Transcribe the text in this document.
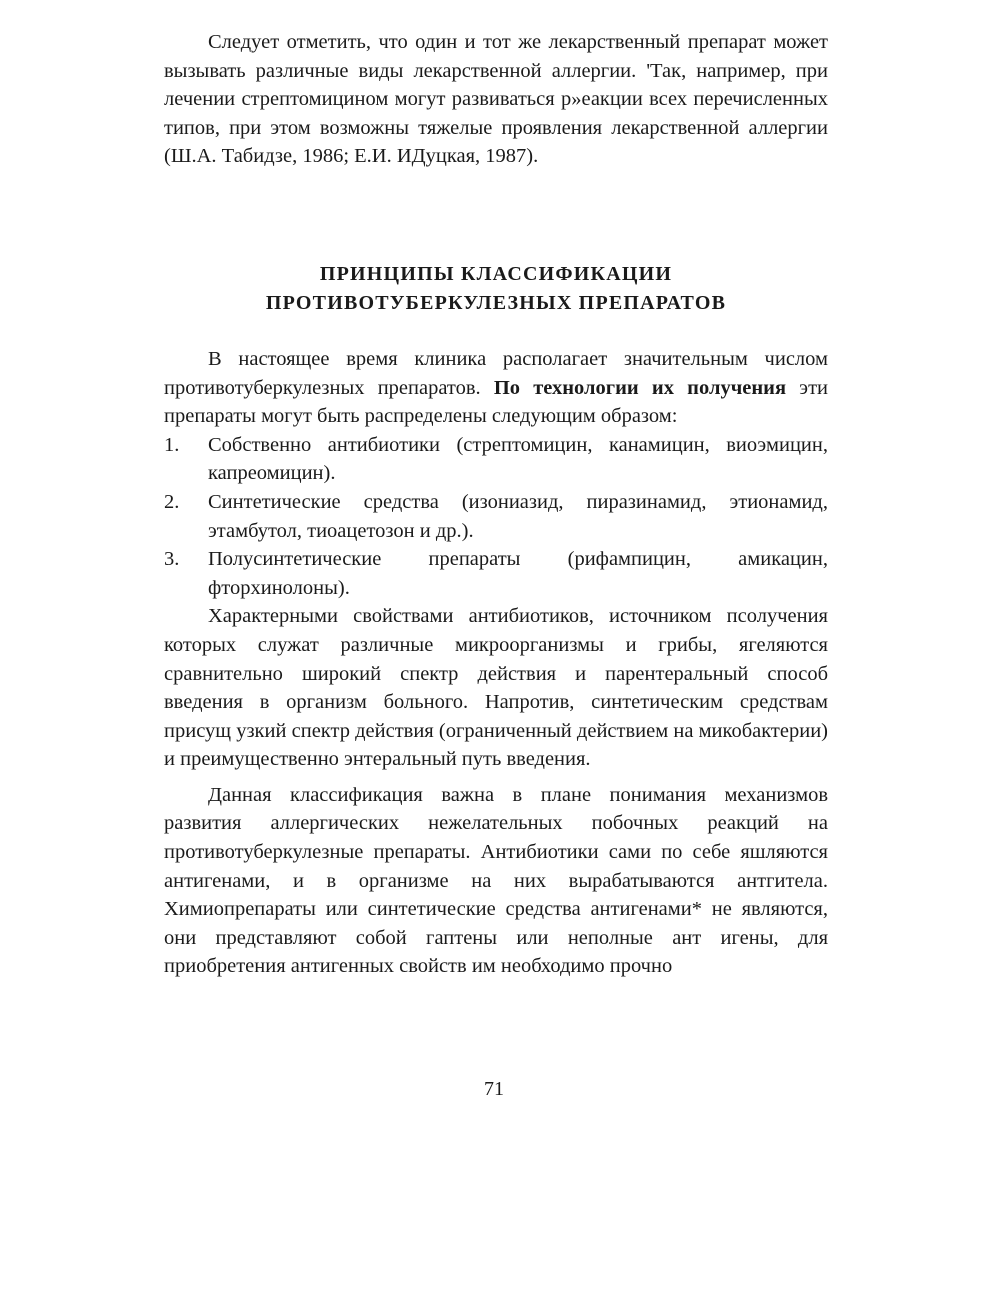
Следует отметить, что один и тот же лекарственный препарат может вызывать различные виды лекарственной аллергии. 'Так, например, при лечении стрептомицином могут развиваться р»еакции всех перечисленных типов, при этом возможны тяжелые проявления лекарственной аллергии (Ш.А. Табидзе, 1986; Е.И. ИДуцкая, 1987).

ПРИНЦИПЫ КЛАССИФИКАЦИИ
ПРОТИВОТУБЕРКУЛЕЗНЫХ ПРЕПАРАТОВ

В настоящее время клиника располагает значительным числом противотуберкулезных препаратов. По технологии их получения эти препараты могут быть распределены следующим образом:

1. Собственно антибиотики (стрептомицин, канамицин, виоэмицин, капреомицин).
2. Синтетические средства (изониазид, пиразинамид, этионамид, этамбутол, тиоацетозон и др.).
3. Полусинтетические препараты (рифампицин, амикацин, фторхинолоны).

Характерными свойствами антибиотиков, источником псолучения которых служат различные микроорганизмы и грибы, ягеляются сравнительно широкий спектр действия и парентеральный способ введения в организм больного. Напротив, синтетическим средствам присущ узкий спектр действия (ограниченный действием на микобактерии) и преимущественно энтеральный путь введения.

Данная классификация важна в плане понимания механизмов развития аллергических нежелательных побочных реакций на противотуберкулезные препараты. Антибиотики сами по себе яшляются антигенами, и в организме на них вырабатываются антгитела. Химиопрепараты или синтетические средства антигенами* не являются, они представляют собой гаптены или неполные ант игены, для приобретения антигенных свойств им необходимо прочно

71
